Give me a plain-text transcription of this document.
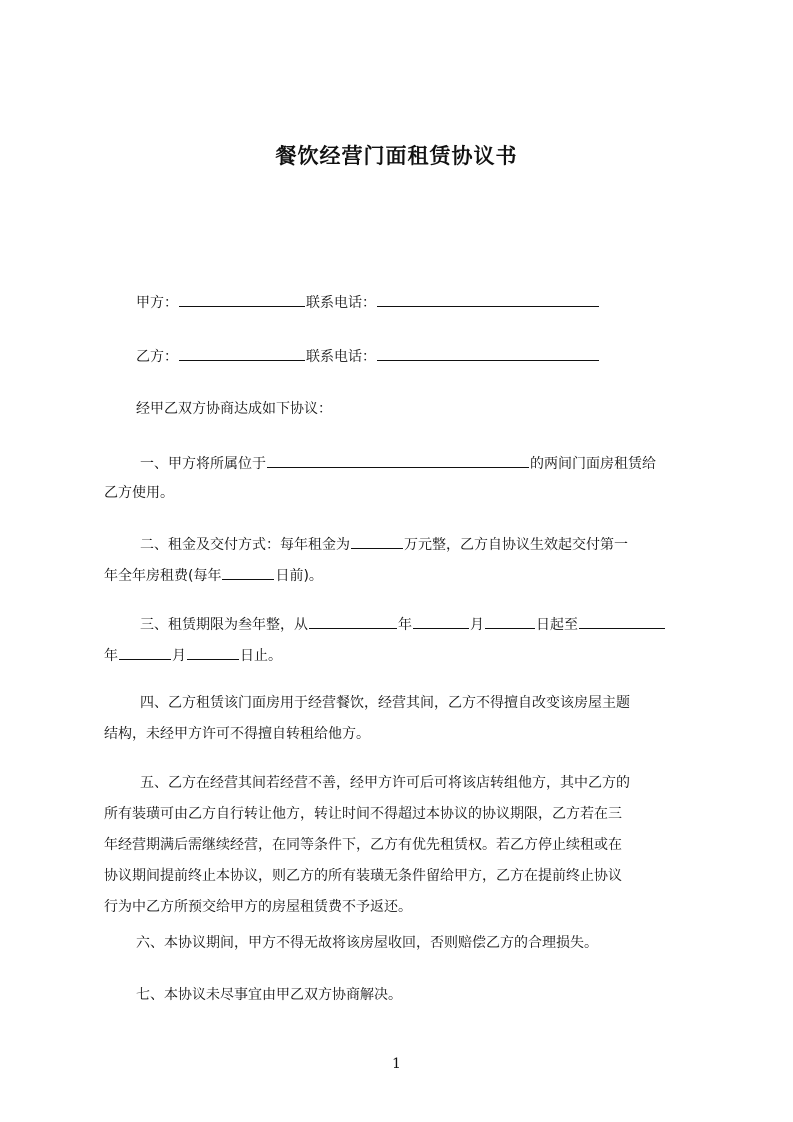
餐饮经营门面租赁协议书
甲方：	联系电话：
乙方：	联系电话：
经甲乙双方协商达成如下协议：
一、甲方将所属位于	的两间门面房租赁给
乙方使用。
二、租金及交付方式：每年租金为	万元整，乙方自协议生效起交付第一
年全年房租费(每年	日前)。
三、租赁期限为叁年整，从	年	月	日起至
年	月	日止。
四、乙方租赁该门面房用于经营餐饮，经营其间，乙方不得擅自改变该房屋主题
结构，未经甲方许可不得擅自转租给他方。
五、乙方在经营其间若经营不善，经甲方许可后可将该店转组他方，其中乙方的
所有装璜可由乙方自行转让他方，转让时间不得超过本协议的协议期限，乙方若在三
年经营期满后需继续经营，在同等条件下，乙方有优先租赁权。若乙方停止续租或在
协议期间提前终止本协议，则乙方的所有装璜无条件留给甲方，乙方在提前终止协议
行为中乙方所预交给甲方的房屋租赁费不予返还。
六、本协议期间，甲方不得无故将该房屋收回，否则赔偿乙方的合理损失。
七、本协议未尽事宜由甲乙双方协商解决。
1
